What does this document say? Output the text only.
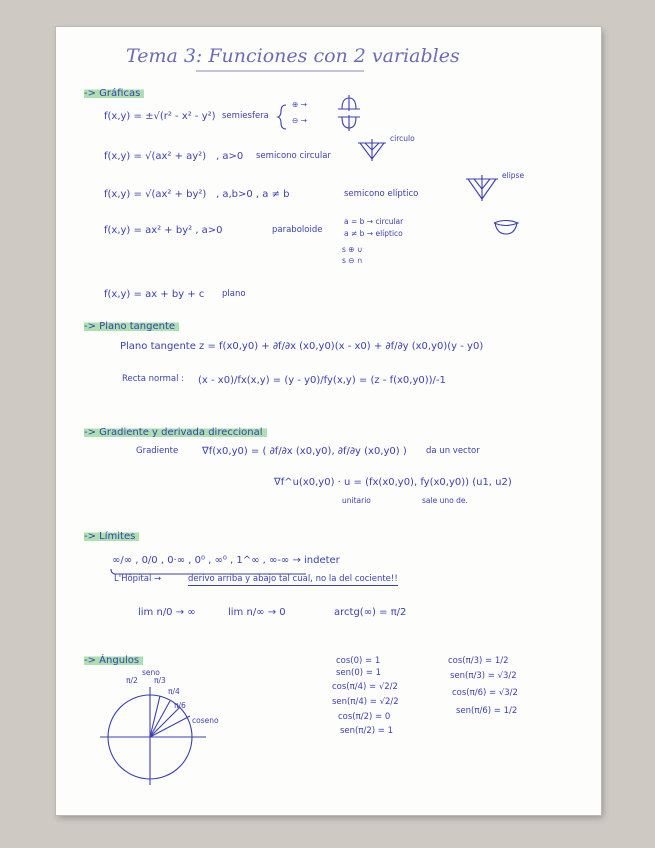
Tema 3: Funciones con 2 variables
-> Gráficas
f(x,y) = ±√(r² - x² - y²) semiesfera
⊕ →
⊖ →
f(x,y) = √(ax² + ay²) , a>0 semicono circular
circulo
f(x,y) = √(ax² + by²) , a,b>0 , a ≠ b	semicono elíptico
elipse
f(x,y) = ax² + by² , a>0	paraboloide
a = b → circular
a ≠ b → elíptico
s ⊕ ∪
s ⊖ ∩
f(x,y) = ax + by + c plano
-> Plano tangente
Plano tangente z = f(x0,y0) + ∂f/∂x (x0,y0)(x - x0) + ∂f/∂y (x0,y0)(y - y0)
Recta normal : (x - x0)/fx(x,y) = (y - y0)/fy(x,y) = (z - f(x0,y0))/-1
-> Gradiente y derivada direccional
Gradiente ∇f(x0,y0) = ( ∂f/∂x (x0,y0), ∂f/∂y (x0,y0) ) da un vector
∇f^u(x0,y0) · u = (fx(x0,y0), fy(x0,y0)) (u1, u2)
unitario	sale uno de.
-> Límites
∞/∞ , 0/0 , 0·∞ , 0⁰ , ∞⁰ , 1^∞ , ∞-∞ → indeter
L'Hôpital →	derivo arriba y abajo tal cual, no la del cociente!!
lim n/0 → ∞	lim n/∞ → 0	arctg(∞) = π/2
-> Ángulos
seno
coseno
π/2 π/3
π/4
π/6
cos(0) = 1
sen(0) = 1
cos(π/4) = √2/2
sen(π/4) = √2/2
cos(π/2) = 0
sen(π/2) = 1
cos(π/3) = 1/2
sen(π/3) = √3/2
cos(π/6) = √3/2
sen(π/6) = 1/2
